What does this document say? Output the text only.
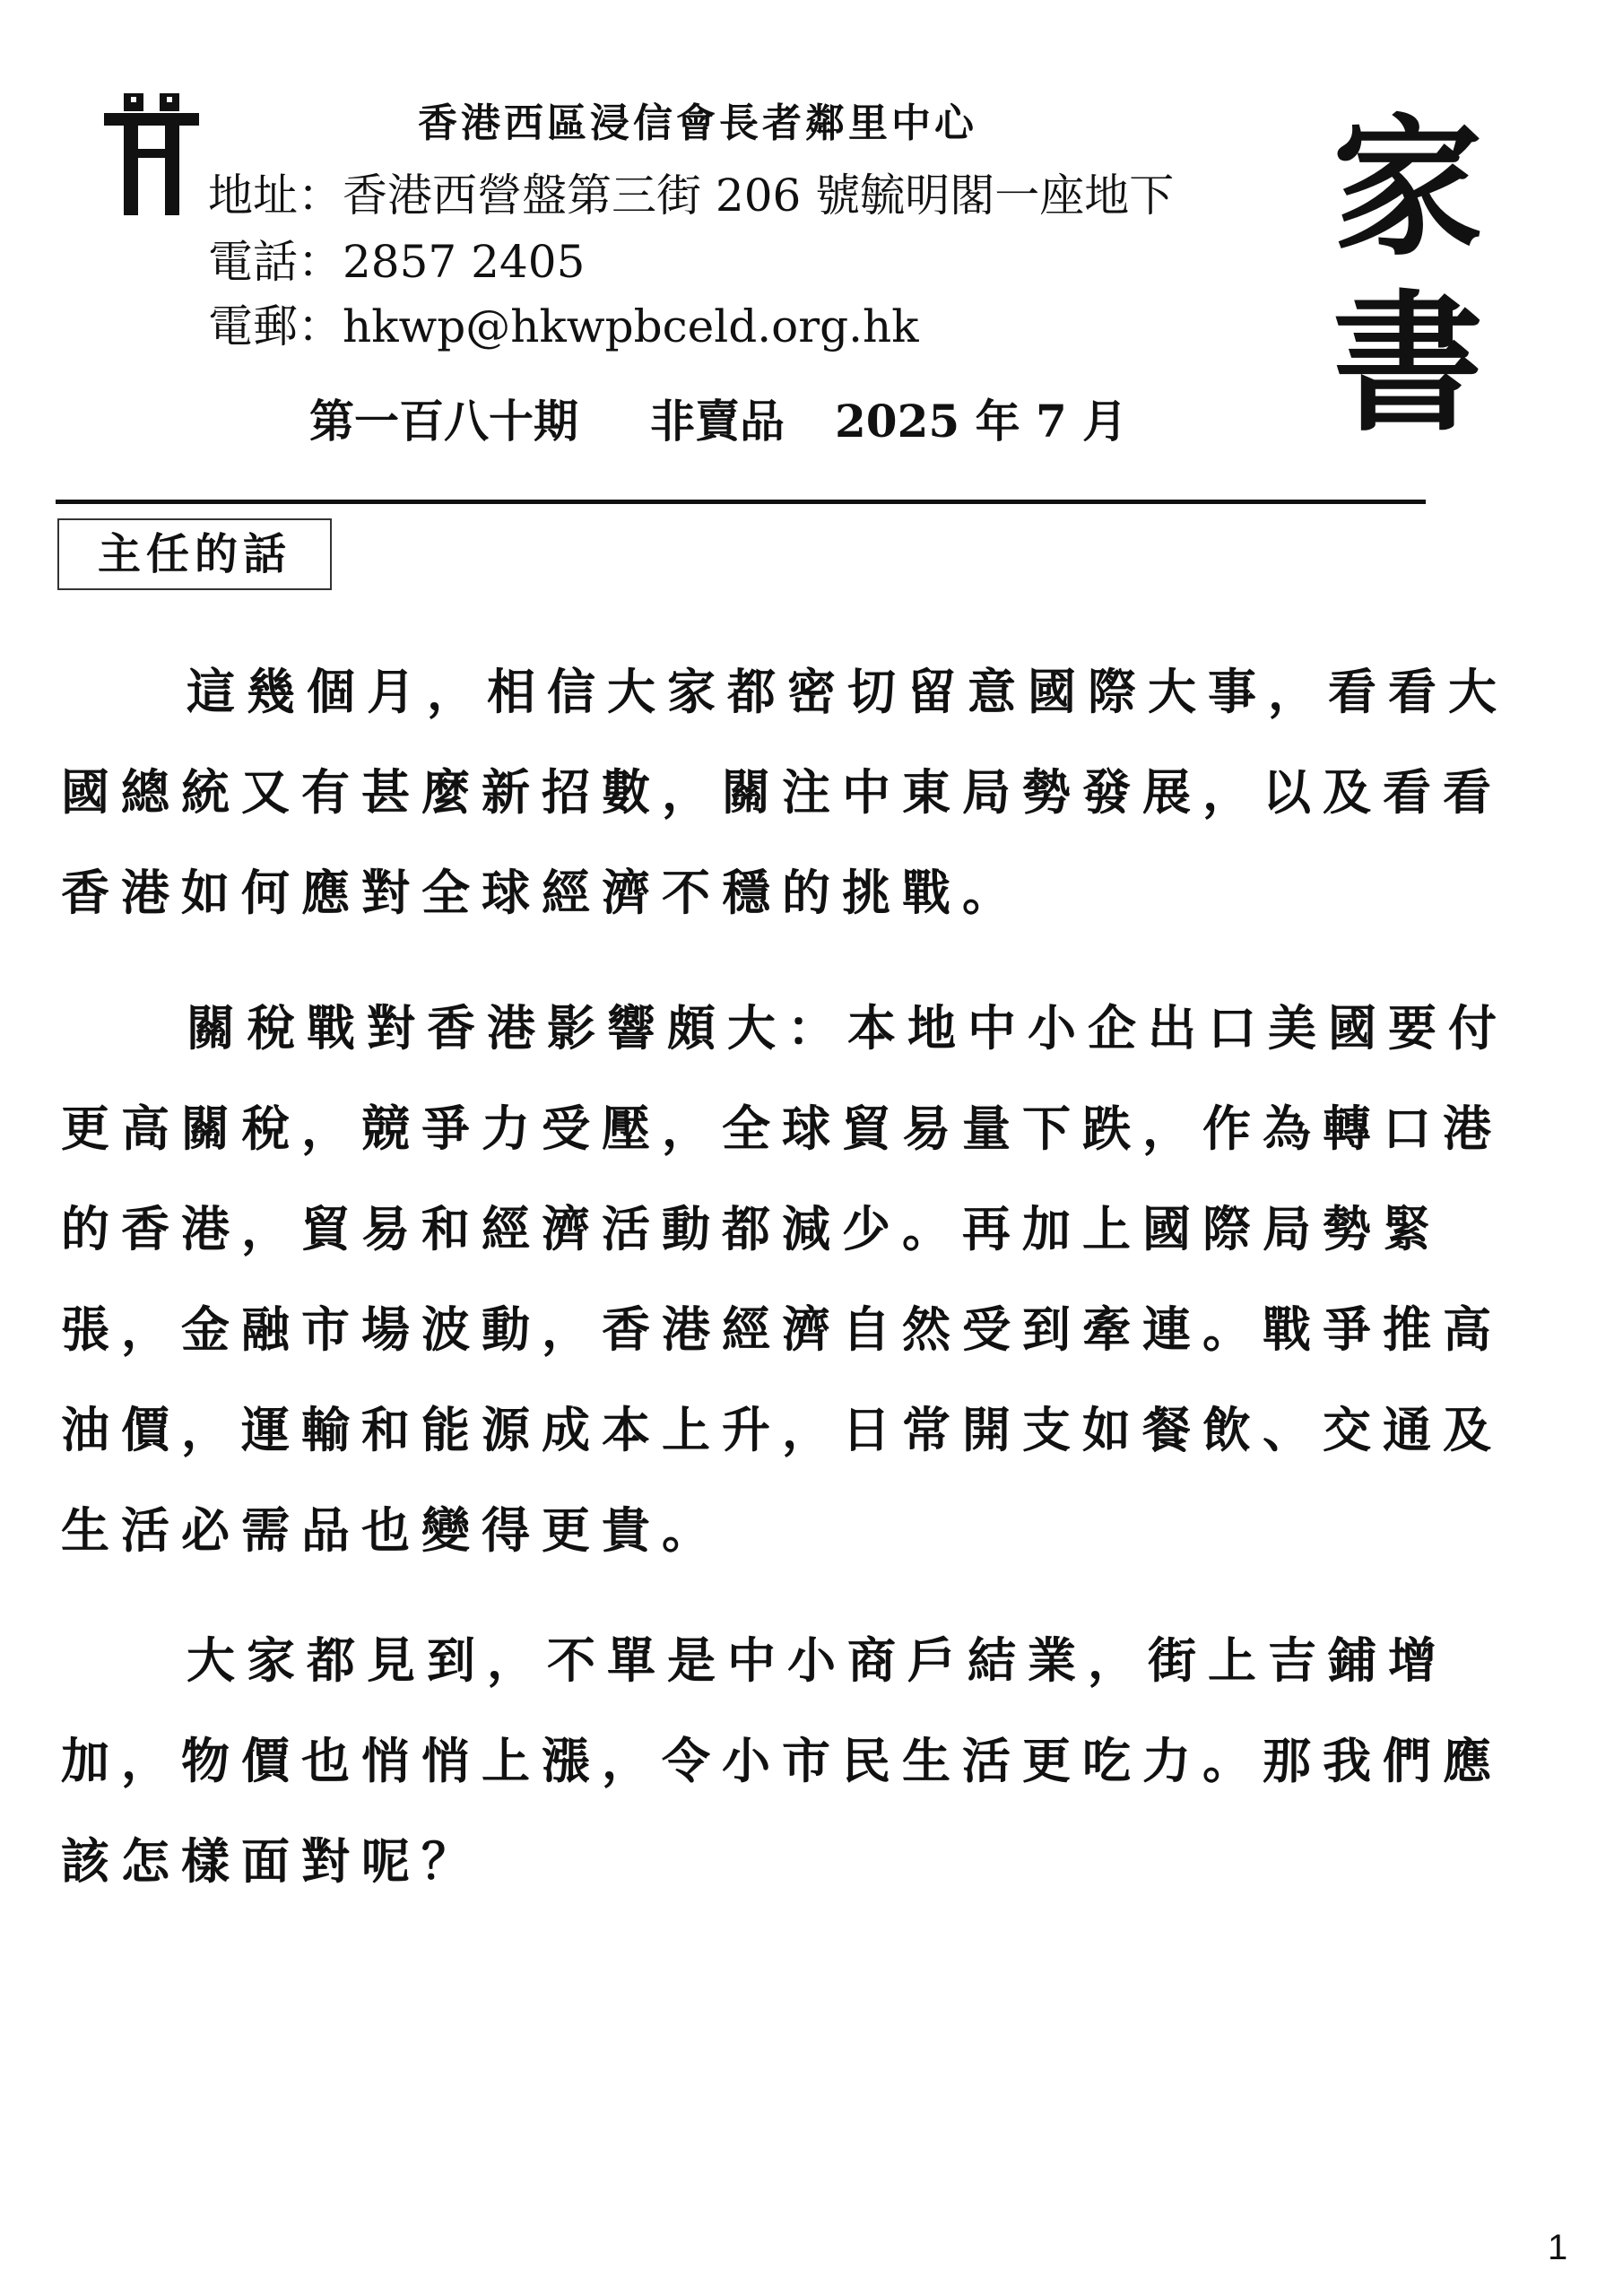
香港西區浸信會長者鄰里中心
地址：香港西營盤第三街 206 號毓明閣一座地下
電話：2857 2405
電郵：hkwp@hkwpbceld.org.hk
第一百八十期 非賣品 2025 年 7 月
家
書
主任的話
這幾個月，相信大家都密切留意國際大事，看看大
國總統又有甚麼新招數，關注中東局勢發展，以及看看
香港如何應對全球經濟不穩的挑戰。
關稅戰對香港影響頗大：本地中小企出口美國要付
更高關稅，競爭力受壓，全球貿易量下跌，作為轉口港
的香港，貿易和經濟活動都減少。再加上國際局勢緊
張，金融市場波動，香港經濟自然受到牽連。戰爭推高
油價，運輸和能源成本上升，日常開支如餐飲、交通及
生活必需品也變得更貴。
大家都見到，不單是中小商戶結業，街上吉鋪增
加，物價也悄悄上漲，令小市民生活更吃力。那我們應
該怎樣面對呢？
1
